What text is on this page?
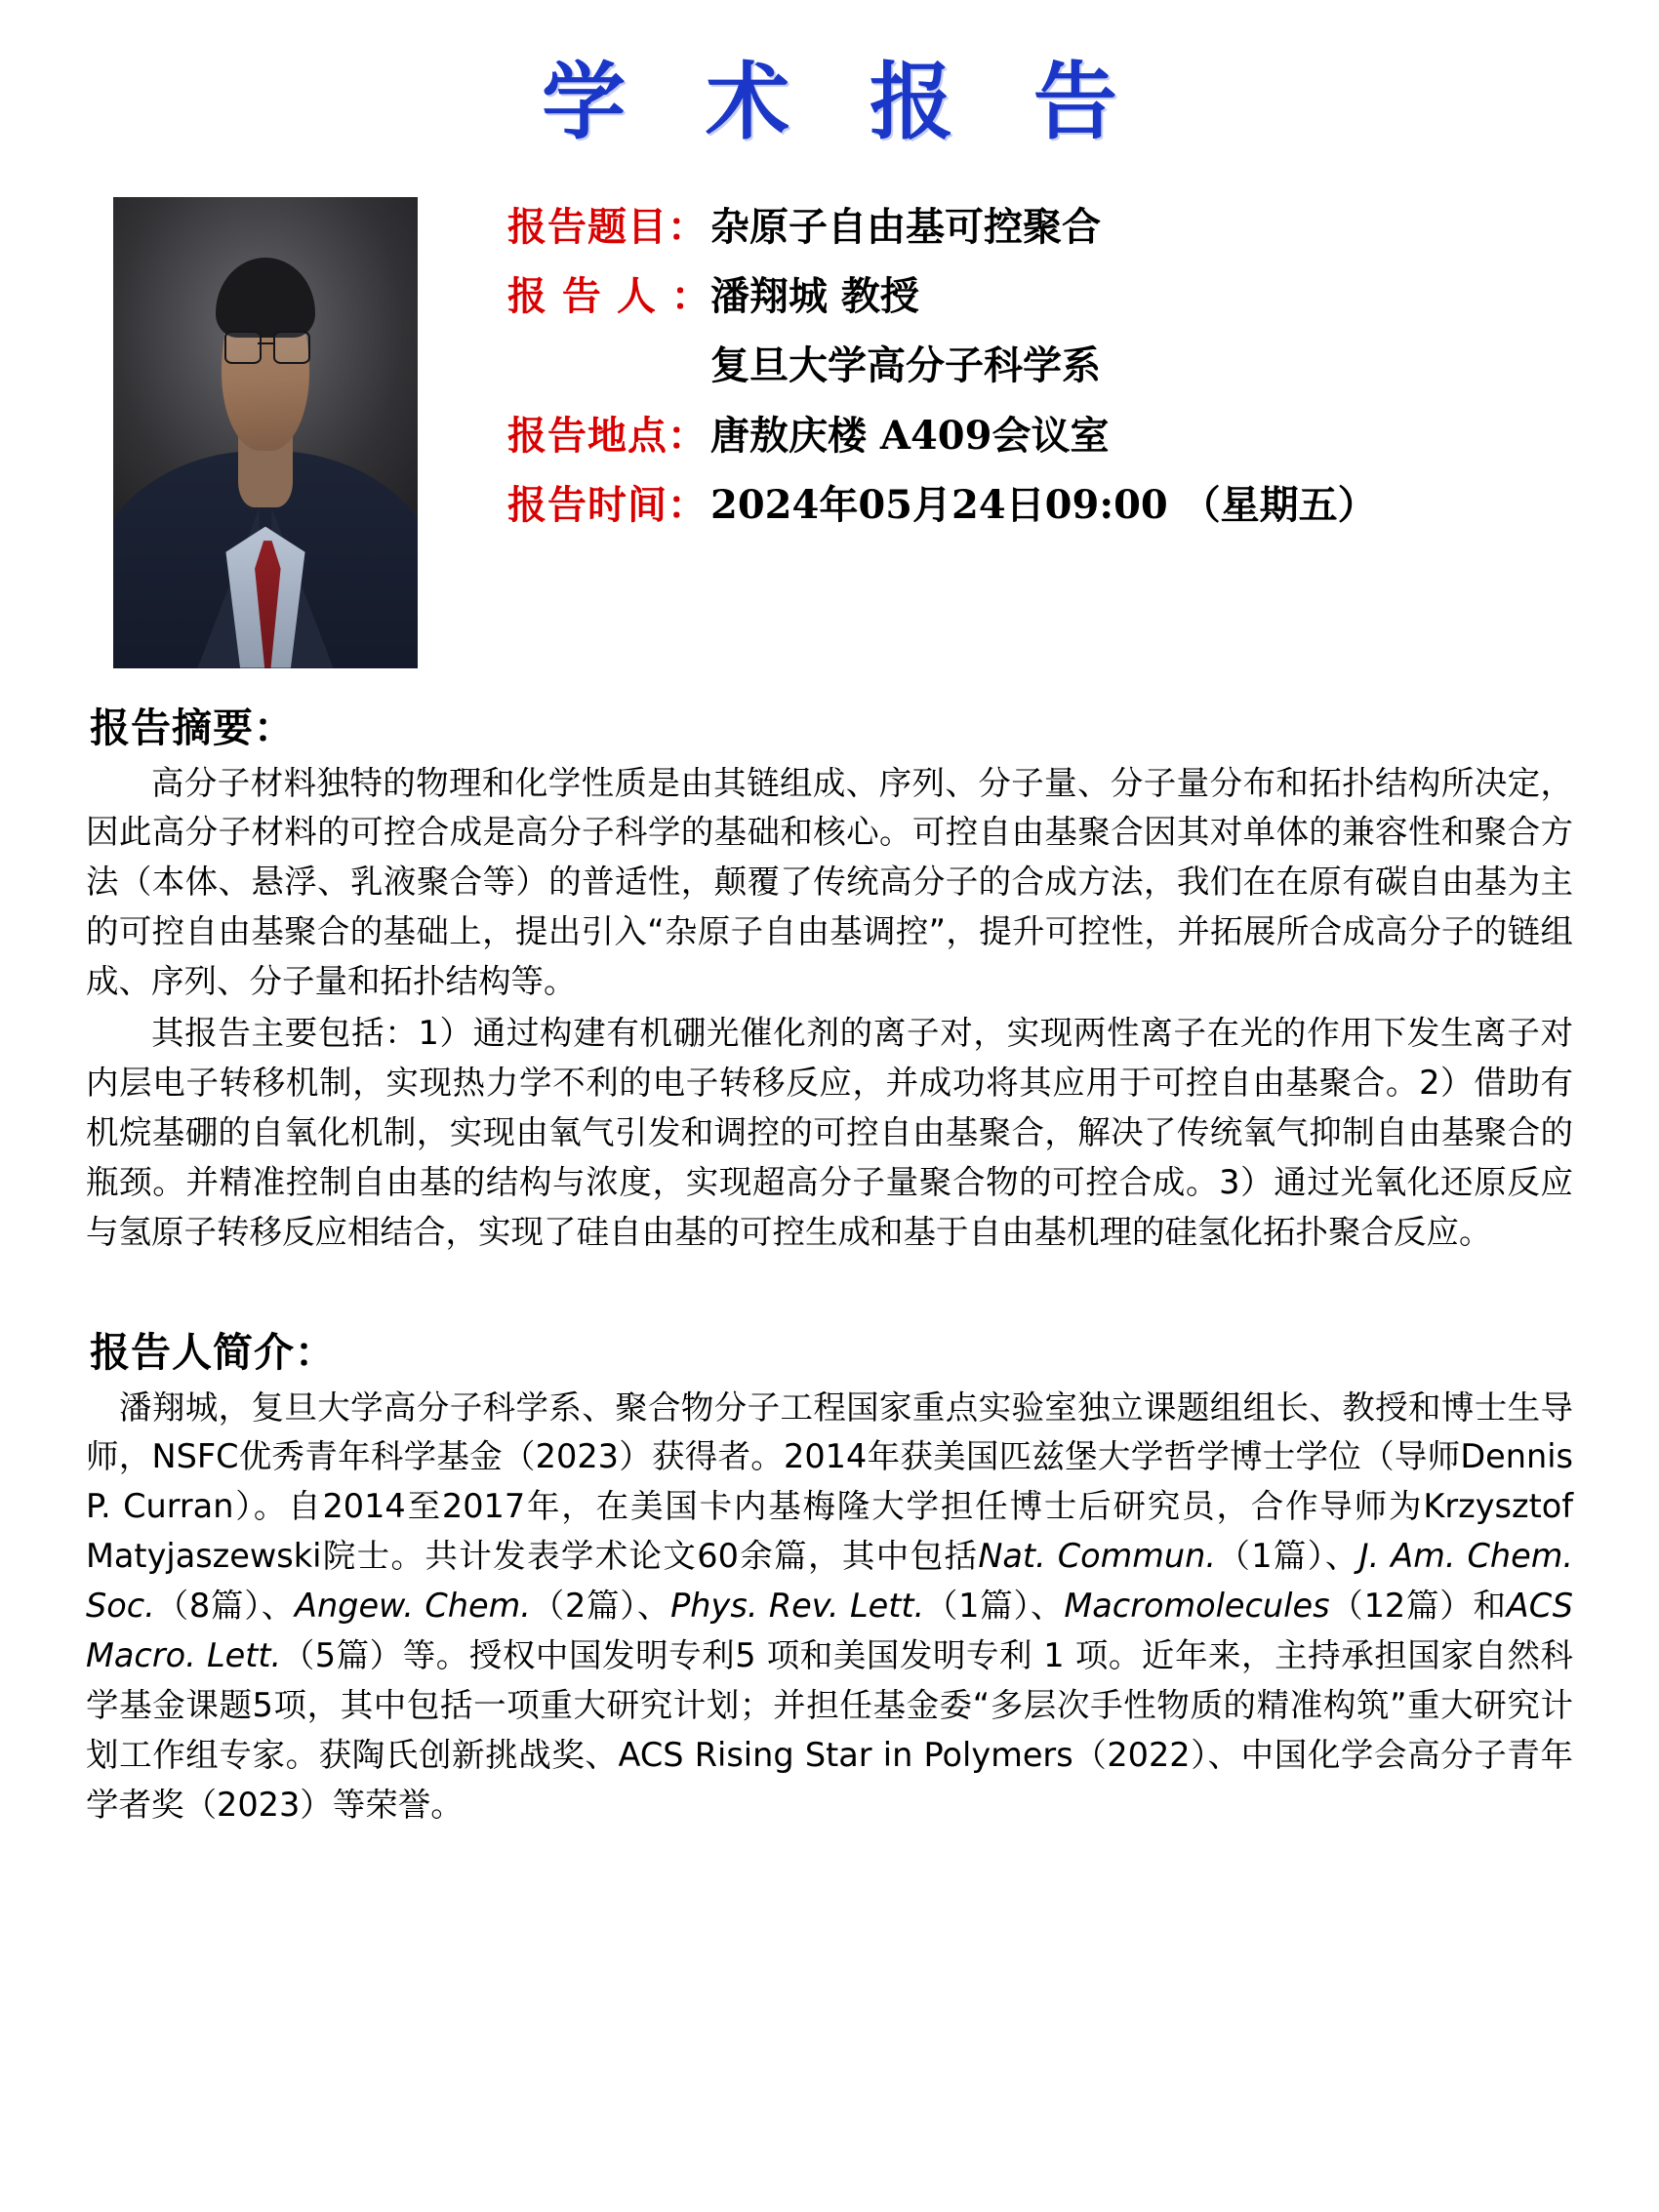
学 术 报 告
报告题目： 杂原子自由基可控聚合
报 告 人 ： 潘翔城 教授
复旦大学高分子科学系
报告地点： 唐敖庆楼 A409会议室
报告时间： 2024年05月24日09:00 （星期五）
报告摘要：

高分子材料独特的物理和化学性质是由其链组成、序列、分子量、分子量分布和拓扑结构所决定，因此高分子材料的可控合成是高分子科学的基础和核心。可控自由基聚合因其对单体的兼容性和聚合方法（本体、悬浮、乳液聚合等）的普适性，颠覆了传统高分子的合成方法，我们在在原有碳自由基为主的可控自由基聚合的基础上，提出引入“杂原子自由基调控”，提升可控性，并拓展所合成高分子的链组成、序列、分子量和拓扑结构等。

其报告主要包括：1）通过构建有机硼光催化剂的离子对，实现两性离子在光的作用下发生离子对内层电子转移机制，实现热力学不利的电子转移反应，并成功将其应用于可控自由基聚合。2）借助有机烷基硼的自氧化机制，实现由氧气引发和调控的可控自由基聚合，解决了传统氧气抑制自由基聚合的瓶颈。并精准控制自由基的结构与浓度，实现超高分子量聚合物的可控合成。3）通过光氧化还原反应与氢原子转移反应相结合，实现了硅自由基的可控生成和基于自由基机理的硅氢化拓扑聚合反应。

报告人简介：

潘翔城，复旦大学高分子科学系、聚合物分子工程国家重点实验室独立课题组组长、教授和博士生导师，NSFC优秀青年科学基金（2023）获得者。2014年获美国匹兹堡大学哲学博士学位（导师Dennis P. Curran）。自2014至2017年，在美国卡内基梅隆大学担任博士后研究员，合作导师为Krzysztof Matyjaszewski院士。共计发表学术论文60余篇，其中包括Nat. Commun.（1篇）、J. Am. Chem. Soc.（8篇）、Angew. Chem.（2篇）、Phys. Rev. Lett.（1篇）、Macromolecules（12篇）和ACS Macro. Lett.（5篇）等。授权中国发明专利5 项和美国发明专利 1 项。近年来，主持承担国家自然科学基金课题5项，其中包括一项重大研究计划；并担任基金委“多层次手性物质的精准构筑”重大研究计划工作组专家。获陶氏创新挑战奖、ACS Rising Star in Polymers（2022）、中国化学会高分子青年学者奖（2023）等荣誉。
